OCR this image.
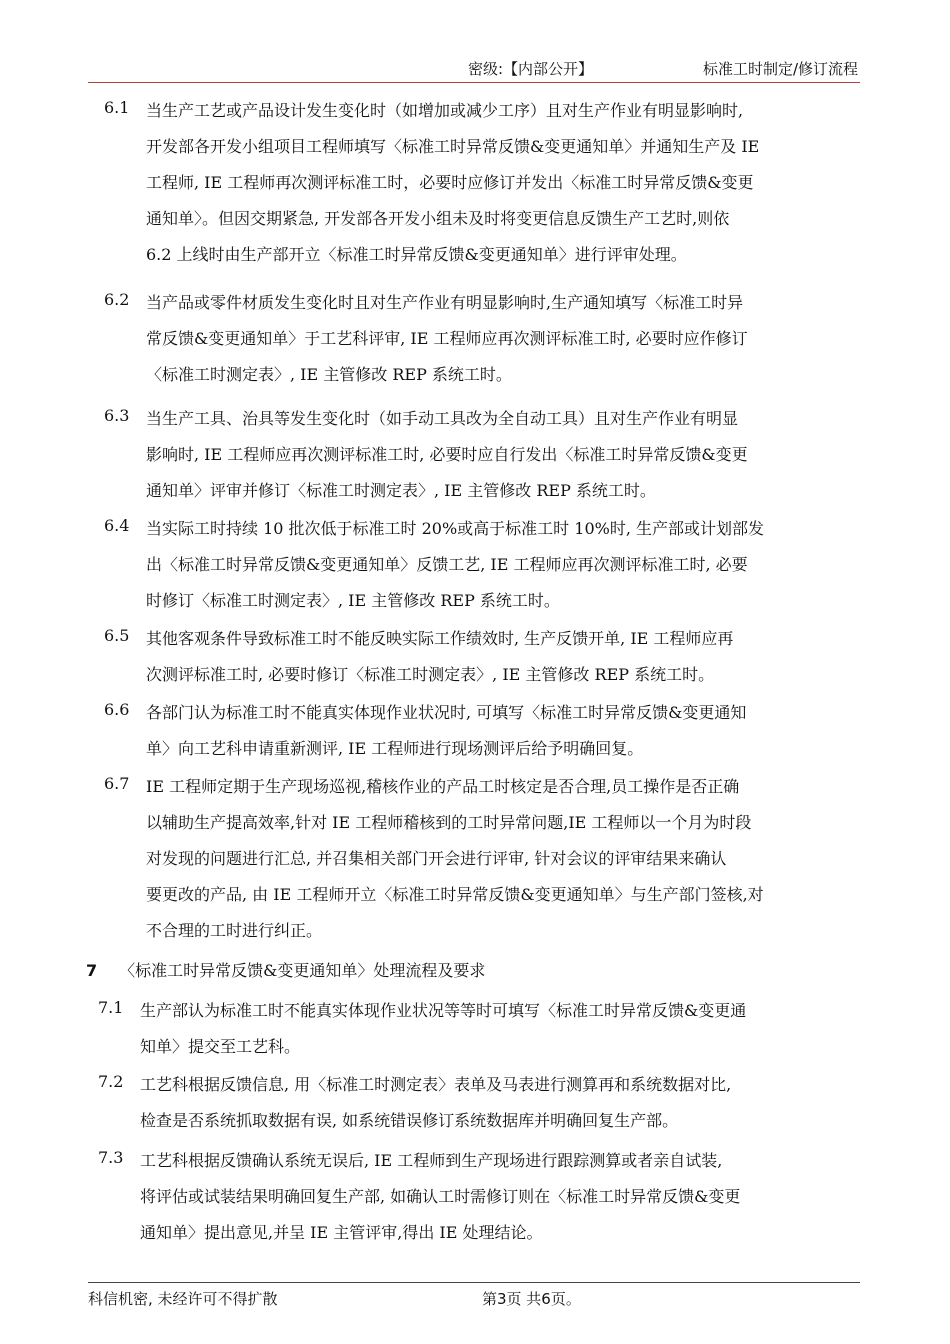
密级:【内部公开】	标准工时制定/修订流程
6.1 当生产工艺或产品设计发生变化时（如增加或减少工序）且对生产作业有明显影响时,
开发部各开发小组项目工程师填写〈标准工时异常反馈&变更通知单〉并通知生产及 IE
工程师, IE 工程师再次测评标准工时，必要时应修订并发出〈标准工时异常反馈&变更
通知单〉。但因交期紧急, 开发部各开发小组未及时将变更信息反馈生产工艺时,则依
6.2 上线时由生产部开立〈标准工时异常反馈&变更通知单〉进行评审处理。
6.2 当产品或零件材质发生变化时且对生产作业有明显影响时,生产通知填写〈标准工时异
常反馈&变更通知单〉于工艺科评审, IE 工程师应再次测评标准工时, 必要时应作修订
〈标准工时测定表〉, IE 主管修改 REP 系统工时。
6.3 当生产工具、治具等发生变化时（如手动工具改为全自动工具）且对生产作业有明显
影响时, IE 工程师应再次测评标准工时, 必要时应自行发出〈标准工时异常反馈&变更
通知单〉评审并修订〈标准工时测定表〉, IE 主管修改 REP 系统工时。
6.4 当实际工时持续 10 批次低于标准工时 20%或高于标准工时 10%时, 生产部或计划部发
出〈标准工时异常反馈&变更通知单〉反馈工艺, IE 工程师应再次测评标准工时, 必要
时修订〈标准工时测定表〉, IE 主管修改 REP 系统工时。
6.5 其他客观条件导致标准工时不能反映实际工作绩效时, 生产反馈开单, IE 工程师应再
次测评标准工时, 必要时修订〈标准工时测定表〉, IE 主管修改 REP 系统工时。
6.6 各部门认为标准工时不能真实体现作业状况时, 可填写〈标准工时异常反馈&变更通知
单〉向工艺科申请重新测评, IE 工程师进行现场测评后给予明确回复。
6.7 IE 工程师定期于生产现场巡视,稽核作业的产品工时核定是否合理,员工操作是否正确
以辅助生产提高效率,针对 IE 工程师稽核到的工时异常问题,IE 工程师以一个月为时段
对发现的问题进行汇总, 并召集相关部门开会进行评审, 针对会议的评审结果来确认
要更改的产品, 由 IE 工程师开立〈标准工时异常反馈&变更通知单〉与生产部门签核,对
不合理的工时进行纠正。
7 〈标准工时异常反馈&变更通知单〉处理流程及要求
7.1 生产部认为标准工时不能真实体现作业状况等等时可填写〈标准工时异常反馈&变更通
知单〉提交至工艺科。
7.2 工艺科根据反馈信息, 用〈标准工时测定表〉表单及马表进行测算再和系统数据对比,
检查是否系统抓取数据有误, 如系统错误修订系统数据库并明确回复生产部。
7.3 工艺科根据反馈确认系统无误后, IE 工程师到生产现场进行跟踪测算或者亲自试装,
将评估或试装结果明确回复生产部, 如确认工时需修订则在〈标准工时异常反馈&变更
通知单〉提出意见,并呈 IE 主管评审,得出 IE 处理结论。
科信机密, 未经许可不得扩散	第3页 共6页。
